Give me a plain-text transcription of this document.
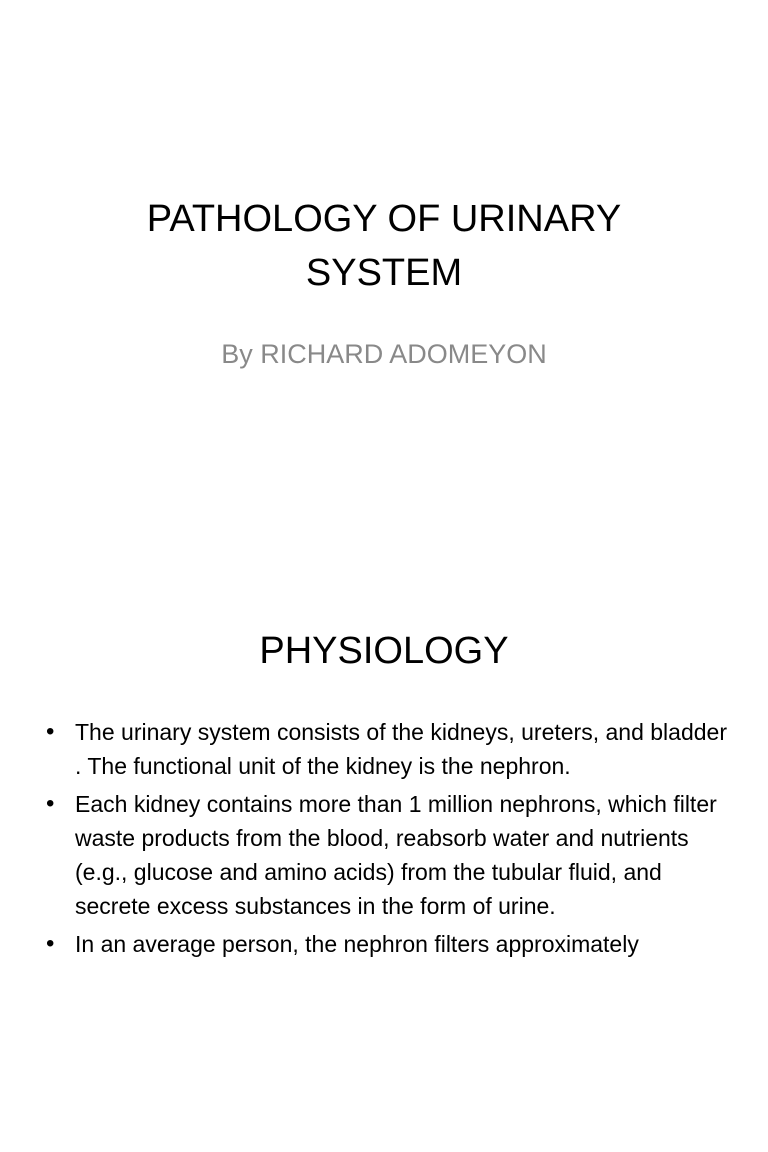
PATHOLOGY OF URINARY
SYSTEM
By RICHARD ADOMEYON
PHYSIOLOGY
• The urinary system consists of the kidneys, ureters, and bladder . The functional unit of the kidney is the nephron.
• Each kidney contains more than 1 million nephrons, which filter waste products from the blood, reabsorb water and nutrients (e.g., glucose and amino acids) from the tubular fluid, and secrete excess substances in the form of urine.
• In an average person, the nephron filters approximately
